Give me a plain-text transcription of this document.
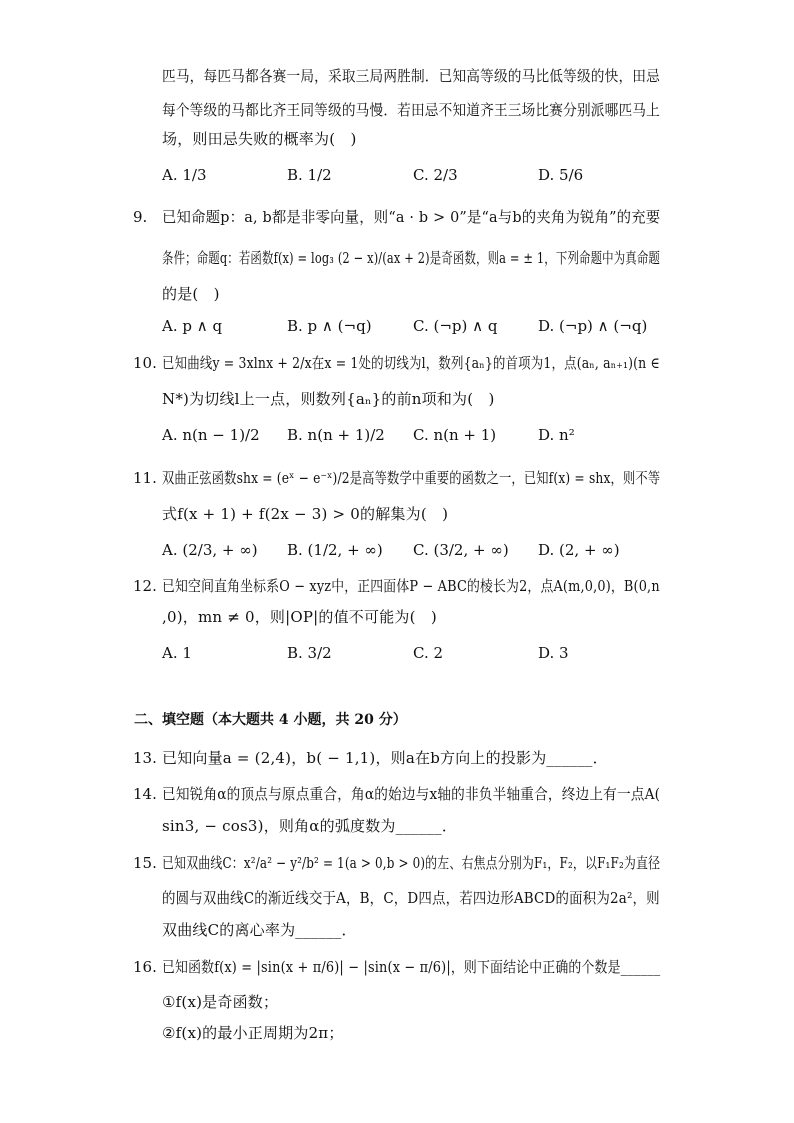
匹马，每匹马都各赛一局，采取三局两胜制．已知高等级的马比低等级的快，田忌
每个等级的马都比齐王同等级的马慢．若田忌不知道齐王三场比赛分别派哪匹马上
场，则田忌失败的概率为(　)
A. 1/3	B. 1/2	C. 2/3	D. 5/6
9. 已知命题p：a, b都是非零向量，则“a · b > 0”是“a与b的夹角为锐角”的充要
条件；命题q：若函数f(x) = log₃ (2 − x)/(ax + 2)是奇函数，则a = ± 1，下列命题中为真命题
的是(　)
A. p ∧ q	B. p ∧ (¬q)	C. (¬p) ∧ q	D. (¬p) ∧ (¬q)
10. 已知曲线y = 3xlnx + 2/x在x = 1处的切线为l，数列{aₙ}的首项为1，点(aₙ, aₙ₊₁)(n ∈
N*)为切线l上一点，则数列{aₙ}的前n项和为(　)
A. n(n − 1)/2 B. n(n + 1)/2 C. n(n + 1)	D. n²
11. 双曲正弦函数shx = (eˣ − e⁻ˣ)/2是高等数学中重要的函数之一，已知f(x) = shx，则不等
式f(x + 1) + f(2x − 3) > 0的解集为(　)
A. (2/3, + ∞) B. (1/2, + ∞) C. (3/2, + ∞) D. (2, + ∞)
12. 已知空间直角坐标系O − xyz中，正四面体P − ABC的棱长为2，点A(m,0,0)，B(0,n
,0)，mn ≠ 0，则|OP|的值不可能为(　)
A. 1	B. 3/2	C. 2	D. 3
二、填空题（本大题共 4 小题，共 20 分）
13. 已知向量a = (2,4)，b( − 1,1)，则a在b方向上的投影为______．
14. 已知锐角α的顶点与原点重合，角α的始边与x轴的非负半轴重合，终边上有一点A(
sin3, − cos3)，则角α的弧度数为______．
15. 已知双曲线C：x²/a² − y²/b² = 1(a > 0,b > 0)的左、右焦点分别为F₁，F₂，以F₁F₂为直径
的圆与双曲线C的渐近线交于A，B，C，D四点，若四边形ABCD的面积为2a²，则
双曲线C的离心率为______．
16. 已知函数f(x) = |sin(x + π/6)| − |sin(x − π/6)|，则下面结论中正确的个数是______
①f(x)是奇函数；
②f(x)的最小正周期为2π；
